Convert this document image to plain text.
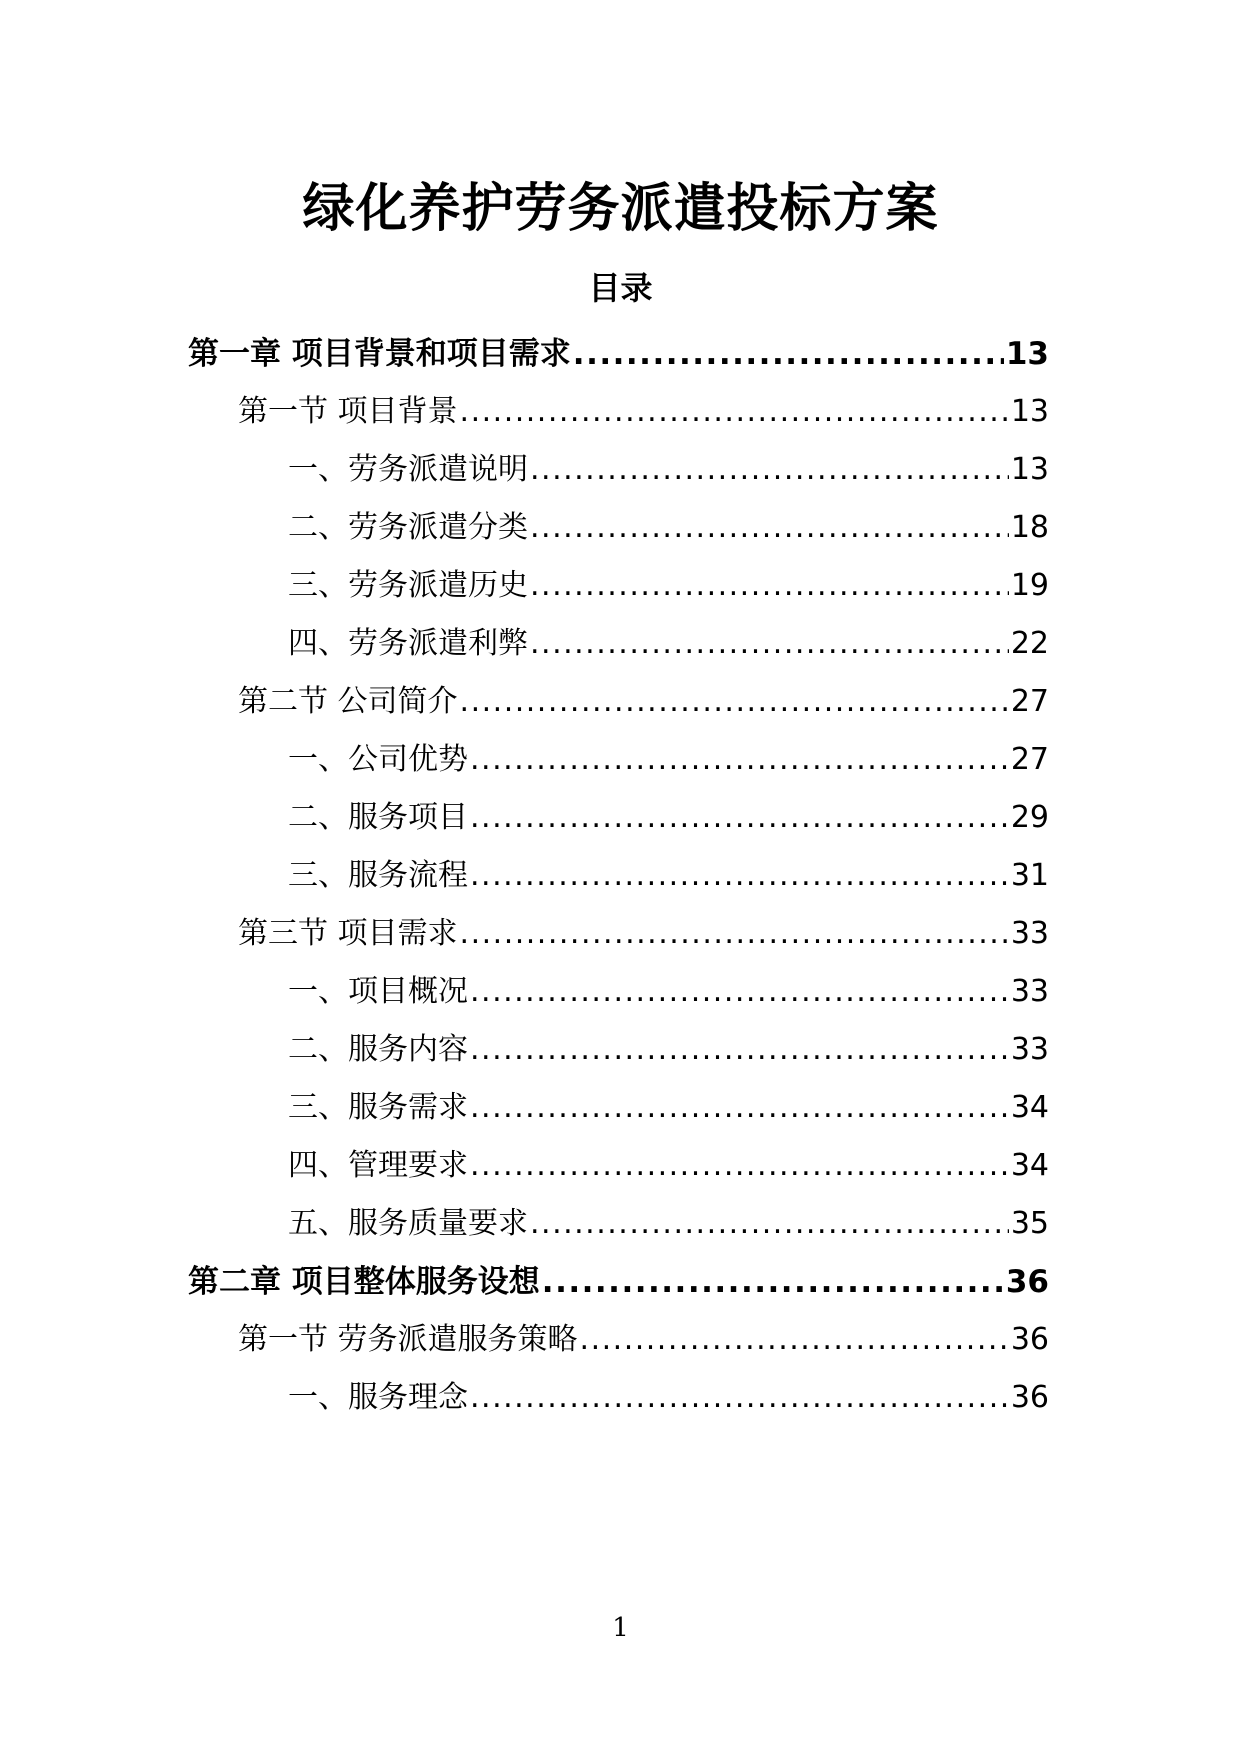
绿化养护劳务派遣投标方案
目录
第一章 项目背景和项目需求 .....	13
第一节 项目背景 .....	13
一、劳务派遣说明 .....	13
二、劳务派遣分类 .....	18
三、劳务派遣历史 .....	19
四、劳务派遣利弊 .....	22
第二节 公司简介 .....	27
一、公司优势 .....	27
二、服务项目 .....	29
三、服务流程 .....	31
第三节 项目需求 .....	33
一、项目概况 .....	33
二、服务内容 .....	33
三、服务需求 .....	34
四、管理要求 .....	34
五、服务质量要求 .....	35
第二章 项目整体服务设想 .....	36
第一节 劳务派遣服务策略 .....	36
一、服务理念 .....	36
1
